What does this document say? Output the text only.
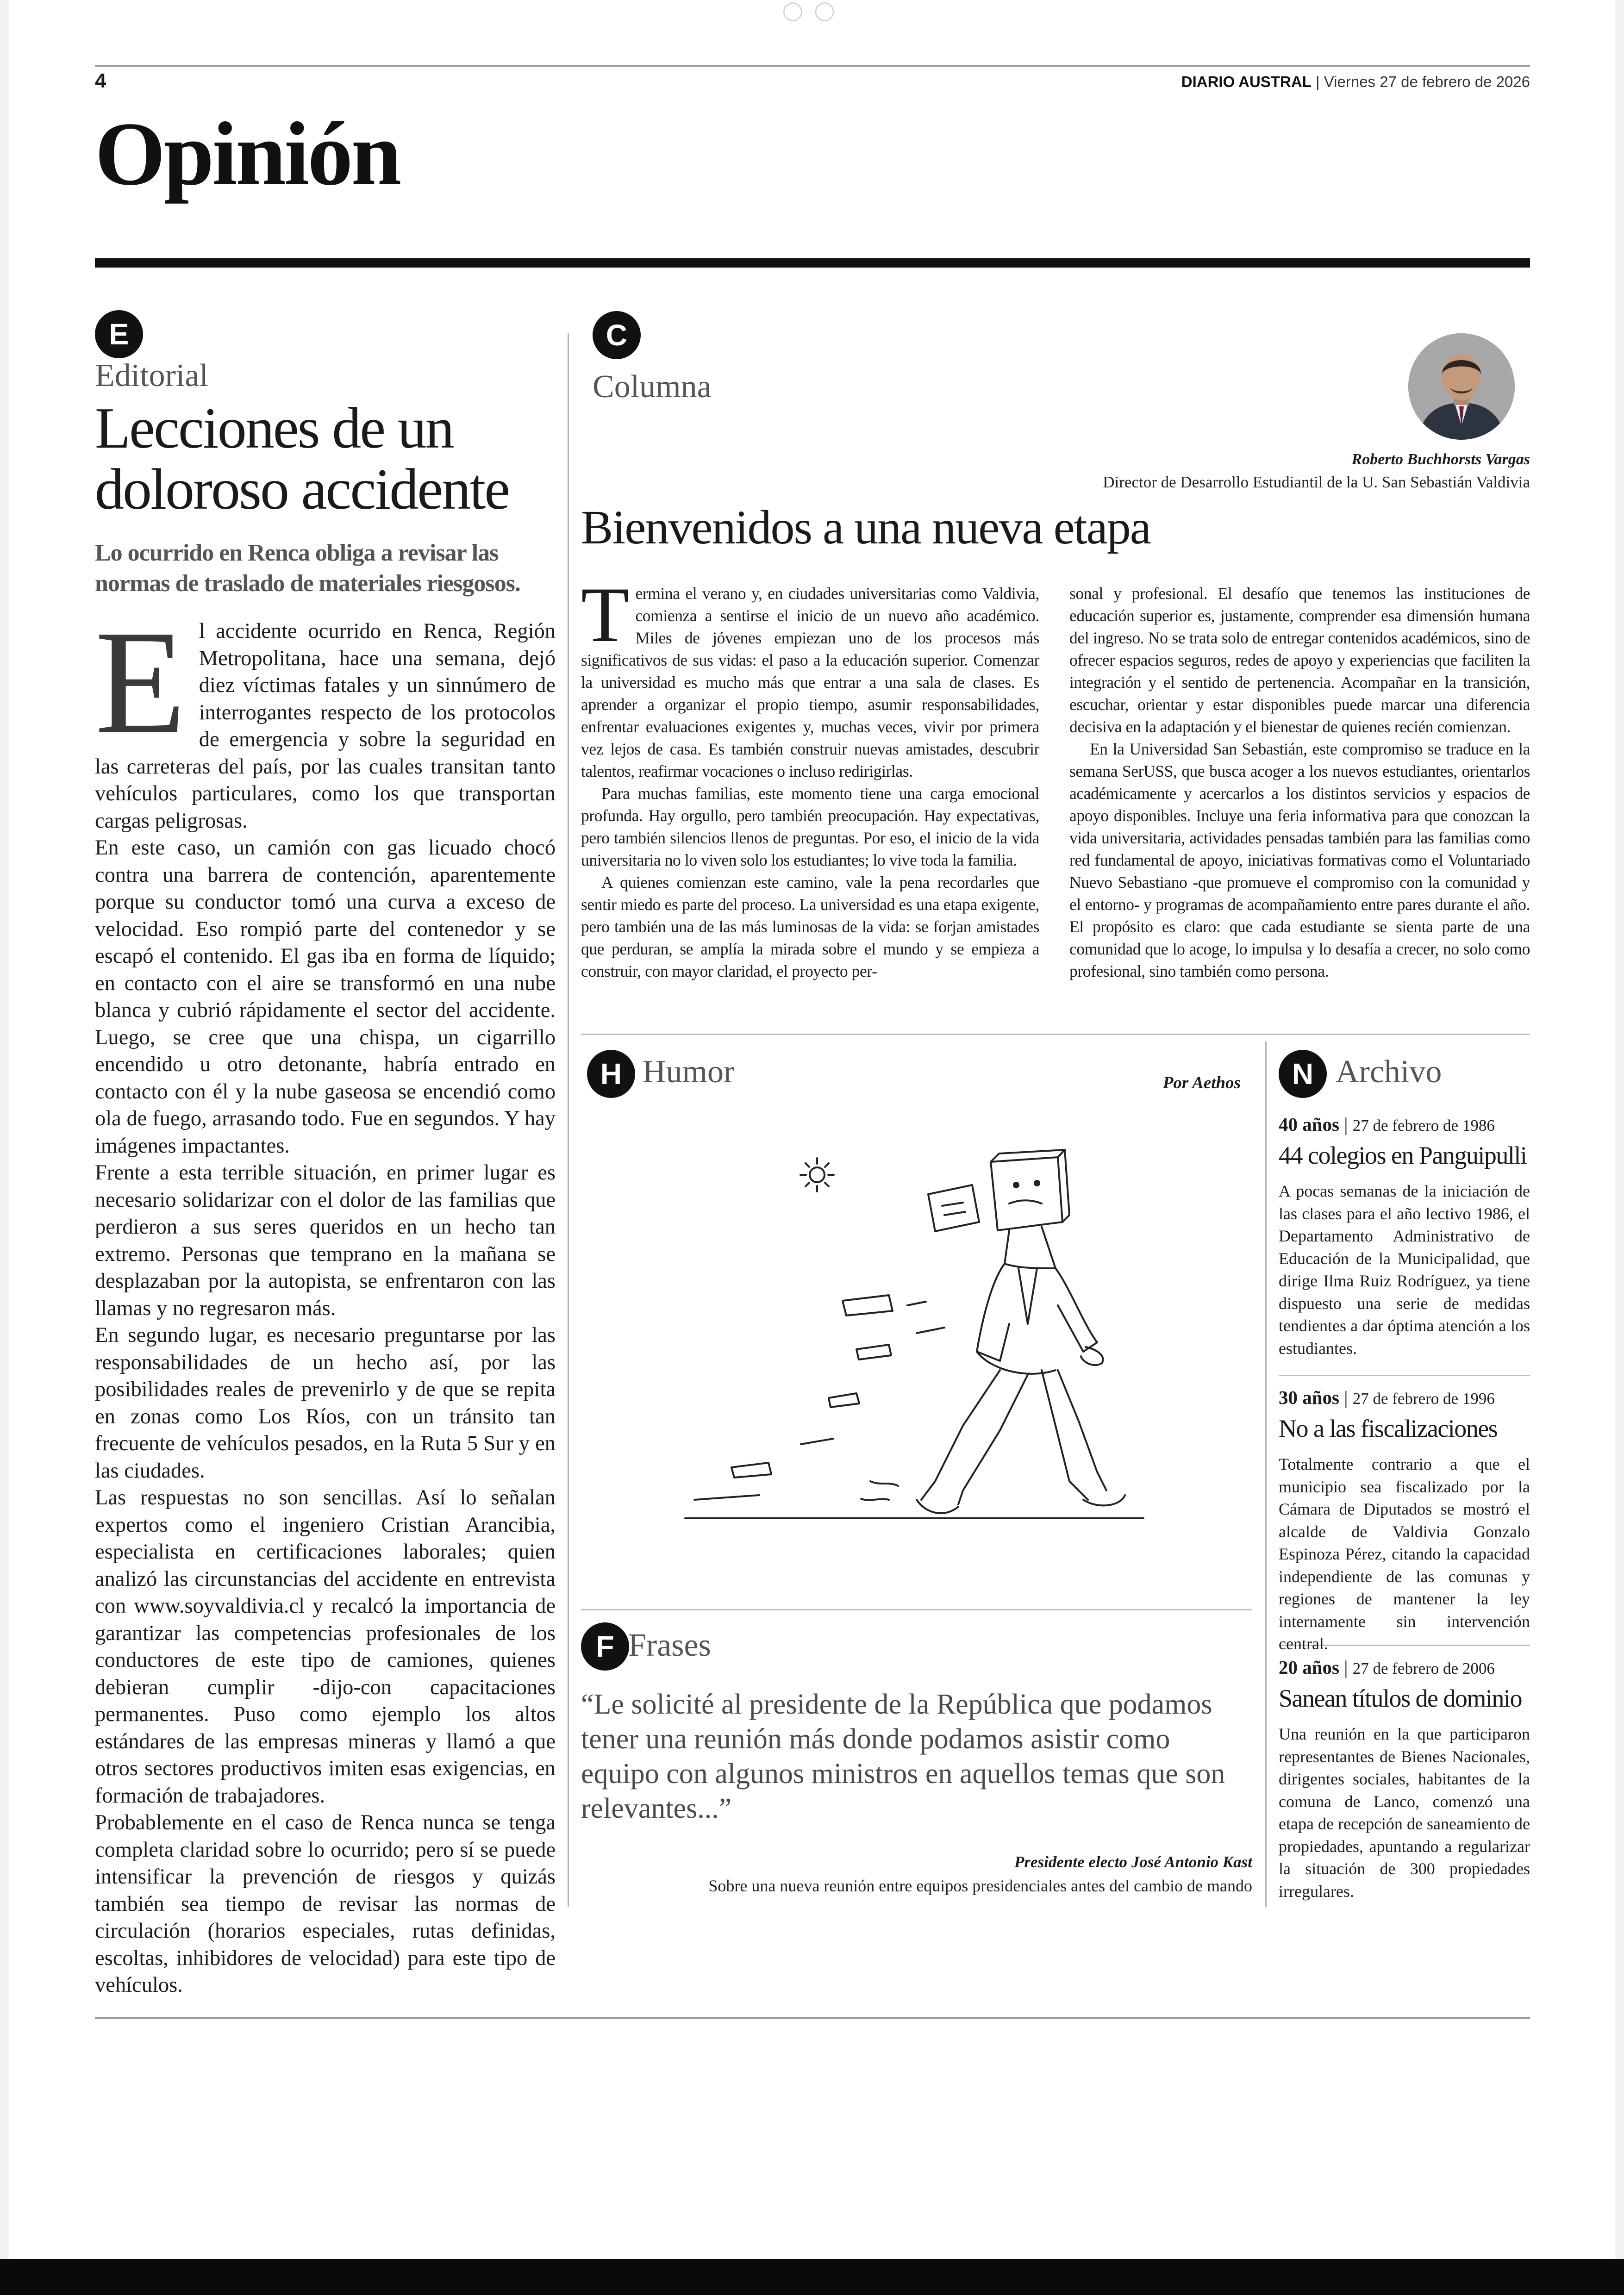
◯◯
4	DIARIO AUSTRAL | Viernes 27 de febrero de 2026
Opinión
E
Editorial
Lecciones de un doloroso accidente
Lo ocurrido en Renca obliga a revisar las normas de traslado de materiales riesgosos.

El accidente ocurrido en Renca, Región Metropolitana, hace una semana, dejó diez víctimas fatales y un sinnúmero de interrogantes respecto de los protocolos de emergencia y sobre la seguridad en las carreteras del país, por las cuales transitan tanto vehículos particulares, como los que transportan cargas peligrosas.

En este caso, un camión con gas licuado chocó contra una barrera de contención, aparentemente porque su conductor tomó una curva a exceso de velocidad. Eso rompió parte del contenedor y se escapó el contenido. El gas iba en forma de líquido; en contacto con el aire se transformó en una nube blanca y cubrió rápidamente el sector del accidente. Luego, se cree que una chispa, un cigarrillo encendido u otro detonante, habría entrado en contacto con él y la nube gaseosa se encendió como ola de fuego, arrasando todo. Fue en segundos. Y hay imágenes impactantes.

Frente a esta terrible situación, en primer lugar es necesario solidarizar con el dolor de las familias que perdieron a sus seres queridos en un hecho tan extremo. Personas que temprano en la mañana se desplazaban por la autopista, se enfrentaron con las llamas y no regresaron más.

En segundo lugar, es necesario preguntarse por las responsabilidades de un hecho así, por las posibilidades reales de prevenirlo y de que se repita en zonas como Los Ríos, con un tránsito tan frecuente de vehículos pesados, en la Ruta 5 Sur y en las ciudades.

Las respuestas no son sencillas. Así lo señalan expertos como el ingeniero Cristian Arancibia, especialista en certificaciones laborales; quien analizó las circunstancias del accidente en entrevista con www.soyvaldivia.cl y recalcó la importancia de garantizar las competencias profesionales de los conductores de este tipo de camiones, quienes debieran cumplir -dijo-con capacitaciones permanentes. Puso como ejemplo los altos estándares de las empresas mineras y llamó a que otros sectores productivos imiten esas exigencias, en formación de trabajadores.

Probablemente en el caso de Renca nunca se tenga completa claridad sobre lo ocurrido; pero sí se puede intensificar la prevención de riesgos y quizás también sea tiempo de revisar las normas de circulación (horarios especiales, rutas definidas, escoltas, inhibidores de velocidad) para este tipo de vehículos.

C
Columna
Roberto Buchhorsts Vargas
Director de Desarrollo Estudiantil de la U. San Sebastián Valdivia
Bienvenidos a una nueva etapa

Termina el verano y, en ciudades universitarias como Valdivia, comienza a sentirse el inicio de un nuevo año académico. Miles de jóvenes empiezan uno de los procesos más significativos de sus vidas: el paso a la educación superior. Comenzar la universidad es mucho más que entrar a una sala de clases. Es aprender a organizar el propio tiempo, asumir responsabilidades, enfrentar evaluaciones exigentes y, muchas veces, vivir por primera vez lejos de casa. Es también construir nuevas amistades, descubrir talentos, reafirmar vocaciones o incluso redirigirlas.

Para muchas familias, este momento tiene una carga emocional profunda. Hay orgullo, pero también preocupación. Hay expectativas, pero también silencios llenos de preguntas. Por eso, el inicio de la vida universitaria no lo viven solo los estudiantes; lo vive toda la familia.

A quienes comienzan este camino, vale la pena recordarles que sentir miedo es parte del proceso. La universidad es una etapa exigente, pero también una de las más luminosas de la vida: se forjan amistades que perduran, se amplía la mirada sobre el mundo y se empieza a construir, con mayor claridad, el proyecto per-

sonal y profesional. El desafío que tenemos las instituciones de educación superior es, justamente, comprender esa dimensión humana del ingreso. No se trata solo de entregar contenidos académicos, sino de ofrecer espacios seguros, redes de apoyo y experiencias que faciliten la integración y el sentido de pertenencia. Acompañar en la transición, escuchar, orientar y estar disponibles puede marcar una diferencia decisiva en la adaptación y el bienestar de quienes recién comienzan.

En la Universidad San Sebastián, este compromiso se traduce en la semana SerUSS, que busca acoger a los nuevos estudiantes, orientarlos académicamente y acercarlos a los distintos servicios y espacios de apoyo disponibles. Incluye una feria informativa para que conozcan la vida universitaria, actividades pensadas también para las familias como red fundamental de apoyo, iniciativas formativas como el Voluntariado Nuevo Sebastiano -que promueve el compromiso con la comunidad y el entorno- y programas de acompañamiento entre pares durante el año. El propósito es claro: que cada estudiante se sienta parte de una comunidad que lo acoge, lo impulsa y lo desafía a crecer, no solo como profesional, sino también como persona.

H Humor	Por Aethos
F Frases
“Le solicité al presidente de la República que podamos tener una reunión más donde podamos asistir como equipo con algunos ministros en aquellos temas que son relevantes...”
Presidente electo José Antonio Kast
Sobre una nueva reunión entre equipos presidenciales antes del cambio de mando
N Archivo
40 años | 27 de febrero de 1986
44 colegios en Panguipulli
A pocas semanas de la iniciación de las clases para el año lectivo 1986, el Departamento Administrativo de Educación de la Municipalidad, que dirige Ilma Ruiz Rodríguez, ya tiene dispuesto una serie de medidas tendientes a dar óptima atención a los estudiantes.
30 años | 27 de febrero de 1996
No a las fiscalizaciones
Totalmente contrario a que el municipio sea fiscalizado por la Cámara de Diputados se mostró el alcalde de Valdivia Gonzalo Espinoza Pérez, citando la capacidad independiente de las comunas y regiones de mantener la ley internamente sin intervención central.
20 años | 27 de febrero de 2006
Sanean títulos de dominio
Una reunión en la que participaron representantes de Bienes Nacionales, dirigentes sociales, habitantes de la comuna de Lanco, comenzó una etapa de recepción de saneamiento de propiedades, apuntando a regularizar la situación de 300 propiedades irregulares.
